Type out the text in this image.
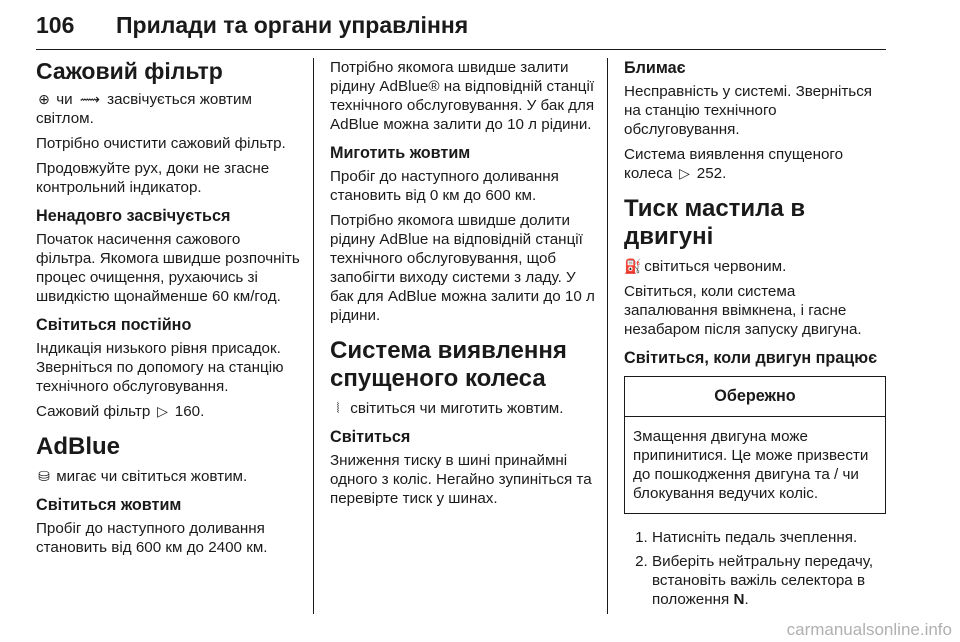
106 Прилади та органи управління
Сажовий фільтр

⊕ чи ⟿ засвічується жовтим світлом.

Потрібно очистити сажовий фільтр.

Продовжуйте рух, доки не згасне контрольний індикатор.

Ненадовго засвічується

Початок насичення сажового фільтра. Якомога швидше розпочніть процес очищення, рухаючись зі швидкістю щонайменше 60 км/год.

Світиться постійно

Індикація низького рівня присадок. Зверніться по допомогу на станцію технічного обслуговування.

Сажовий фільтр ▷ 160.

AdBlue

⛁ мигає чи світиться жовтим.

Світиться жовтим

Пробіг до наступного доливання становить від 600 км до 2400 км.

Потрібно якомога швидше залити рідину AdBlue® на відповідній станції технічного обслуговування. У бак для AdBlue можна залити до 10 л рідини.

Миготить жовтим

Пробіг до наступного доливання становить від 0 км до 600 км.

Потрібно якомога швидше долити рідину AdBlue на відповідній станції технічного обслуговування, щоб запобігти виходу системи з ладу. У бак для AdBlue можна залити до 10 л рідини.

Система виявлення спущеного колеса

⦚ світиться чи миготить жовтим.

Світиться

Зниження тиску в шині принаймні одного з коліс. Негайно зупиніться та перевірте тиск у шинах.

Блимає

Несправність у системі. Зверніться на станцію технічного обслуговування.

Система виявлення спущеного колеса ▷ 252.

Тиск мастила в двигуні

⛽ світиться червоним.

Світиться, коли система запалювання ввімкнена, і гасне незабаром після запуску двигуна.

Світиться, коли двигун працює
Обережно
Змащення двигуна може припинитися. Це може призвести до пошкодження двигуна та / чи блокування ведучих коліс.
1. Натисніть педаль зчеплення.
2. Виберіть нейтральну передачу, встановіть важіль селектора в положення N.
carmanualsonline.info
